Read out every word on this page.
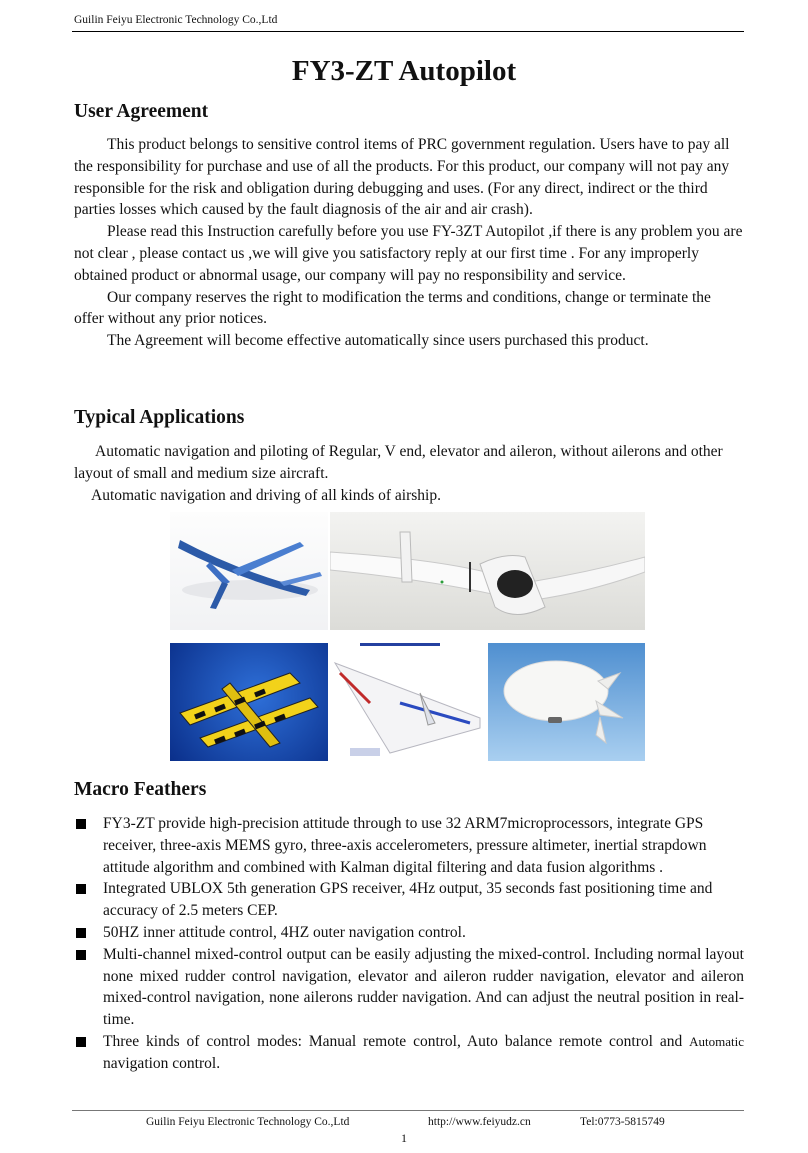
Guilin Feiyu Electronic Technology Co.,Ltd
FY3-ZT Autopilot
User Agreement

This product belongs to sensitive control items of PRC government regulation. Users have to pay all the responsibility for purchase and use of all the products. For this product, our company will not pay any responsible for the risk and obligation during debugging and uses. (For any direct, indirect or the third parties losses which caused by the fault diagnosis of the air and air crash).

Please read this Instruction carefully before you use FY-3ZT Autopilot ,if there is any problem you are not clear , please contact us ,we will give you satisfactory reply at our first time . For any improperly obtained product or abnormal usage, our company will pay no responsibility and service.

Our company reserves the right to modification the terms and conditions, change or terminate the offer without any prior notices.

The Agreement will become effective automatically since users purchased this product.

Typical Applications

Automatic navigation and piloting of Regular, V end, elevator and aileron, without ailerons and other layout of small and medium size aircraft.

Automatic navigation and driving of all kinds of airship.

Macro Feathers

FY3-ZT provide high-precision attitude through to use 32 ARM7microprocessors, integrate GPS receiver, three-axis MEMS gyro, three-axis accelerometers, pressure altimeter, inertial strapdown attitude algorithm and combined with Kalman digital filtering and data fusion algorithms .

Integrated UBLOX 5th generation GPS receiver, 4Hz output, 35 seconds fast positioning time and accuracy of 2.5 meters CEP.

50HZ inner attitude control, 4HZ outer navigation control.

Multi-channel mixed-control output can be easily adjusting the mixed-control. Including normal layout none mixed rudder control navigation, elevator and aileron rudder navigation, elevator and aileron mixed-control navigation, none ailerons rudder navigation. And can adjust the neutral position in real-time.

Three kinds of control modes: Manual remote control, Auto balance remote control and Automatic navigation control.

Guilin Feiyu Electronic Technology Co.,Ltd	http://www.feiyudz.cn	Tel:0773-5815749
1
